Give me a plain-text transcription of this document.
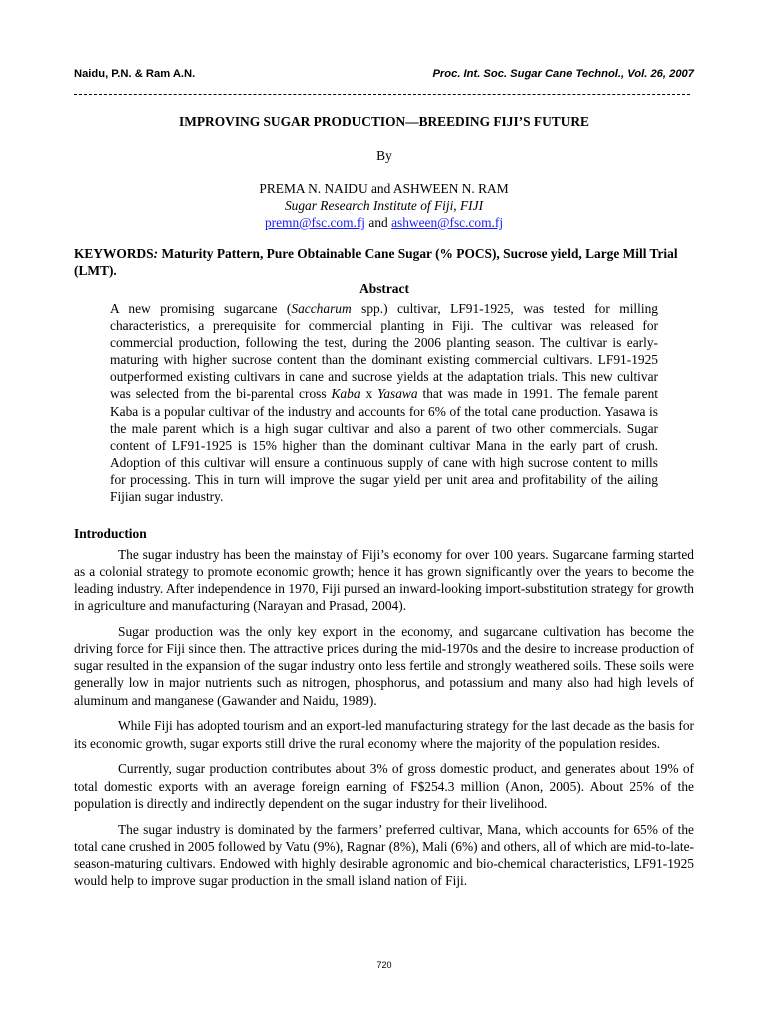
Naidu, P.N. & Ram A.N.	Proc. Int. Soc. Sugar Cane Technol., Vol. 26, 2007
IMPROVING SUGAR PRODUCTION—BREEDING FIJI’S FUTURE
By
PREMA N. NAIDU and ASHWEEN N. RAM
Sugar Research Institute of Fiji, FIJI
premn@fsc.com.fj and ashween@fsc.com.fj
KEYWORDS: Maturity Pattern, Pure Obtainable Cane Sugar (% POCS), Sucrose yield, Large Mill Trial (LMT).
Abstract
A new promising sugarcane (Saccharum spp.) cultivar, LF91-1925, was tested for milling characteristics, a prerequisite for commercial planting in Fiji. The cultivar was released for commercial production, following the test, during the 2006 planting season. The cultivar is early-maturing with higher sucrose content than the dominant existing commercial cultivars. LF91-1925 outperformed existing cultivars in cane and sucrose yields at the adaptation trials. This new cultivar was selected from the bi-parental cross Kaba x Yasawa that was made in 1991. The female parent Kaba is a popular cultivar of the industry and accounts for 6% of the total cane production. Yasawa is the male parent which is a high sugar cultivar and also a parent of two other commercials. Sugar content of LF91-1925 is 15% higher than the dominant cultivar Mana in the early part of crush. Adoption of this cultivar will ensure a continuous supply of cane with high sucrose content to mills for processing. This in turn will improve the sugar yield per unit area and profitability of the ailing Fijian sugar industry.
Introduction

The sugar industry has been the mainstay of Fiji’s economy for over 100 years. Sugarcane farming started as a colonial strategy to promote economic growth; hence it has grown significantly over the years to become the leading industry. After independence in 1970, Fiji pursed an inward-looking import-substitution strategy for growth in agriculture and manufacturing (Narayan and Prasad, 2004).

Sugar production was the only key export in the economy, and sugarcane cultivation has become the driving force for Fiji since then. The attractive prices during the mid-1970s and the desire to increase production of sugar resulted in the expansion of the sugar industry onto less fertile and strongly weathered soils. These soils were generally low in major nutrients such as nitrogen, phosphorus, and potassium and many also had high levels of aluminum and manganese (Gawander and Naidu, 1989).

While Fiji has adopted tourism and an export-led manufacturing strategy for the last decade as the basis for its economic growth, sugar exports still drive the rural economy where the majority of the population resides.

Currently, sugar production contributes about 3% of gross domestic product, and generates about 19% of total domestic exports with an average foreign earning of F$254.3 million (Anon, 2005). About 25% of the population is directly and indirectly dependent on the sugar industry for their livelihood.

The sugar industry is dominated by the farmers’ preferred cultivar, Mana, which accounts for 65% of the total cane crushed in 2005 followed by Vatu (9%), Ragnar (8%), Mali (6%) and others, all of which are mid-to-late-season-maturing cultivars. Endowed with highly desirable agronomic and bio-chemical characteristics, LF91-1925 would help to improve sugar production in the small island nation of Fiji.

720
